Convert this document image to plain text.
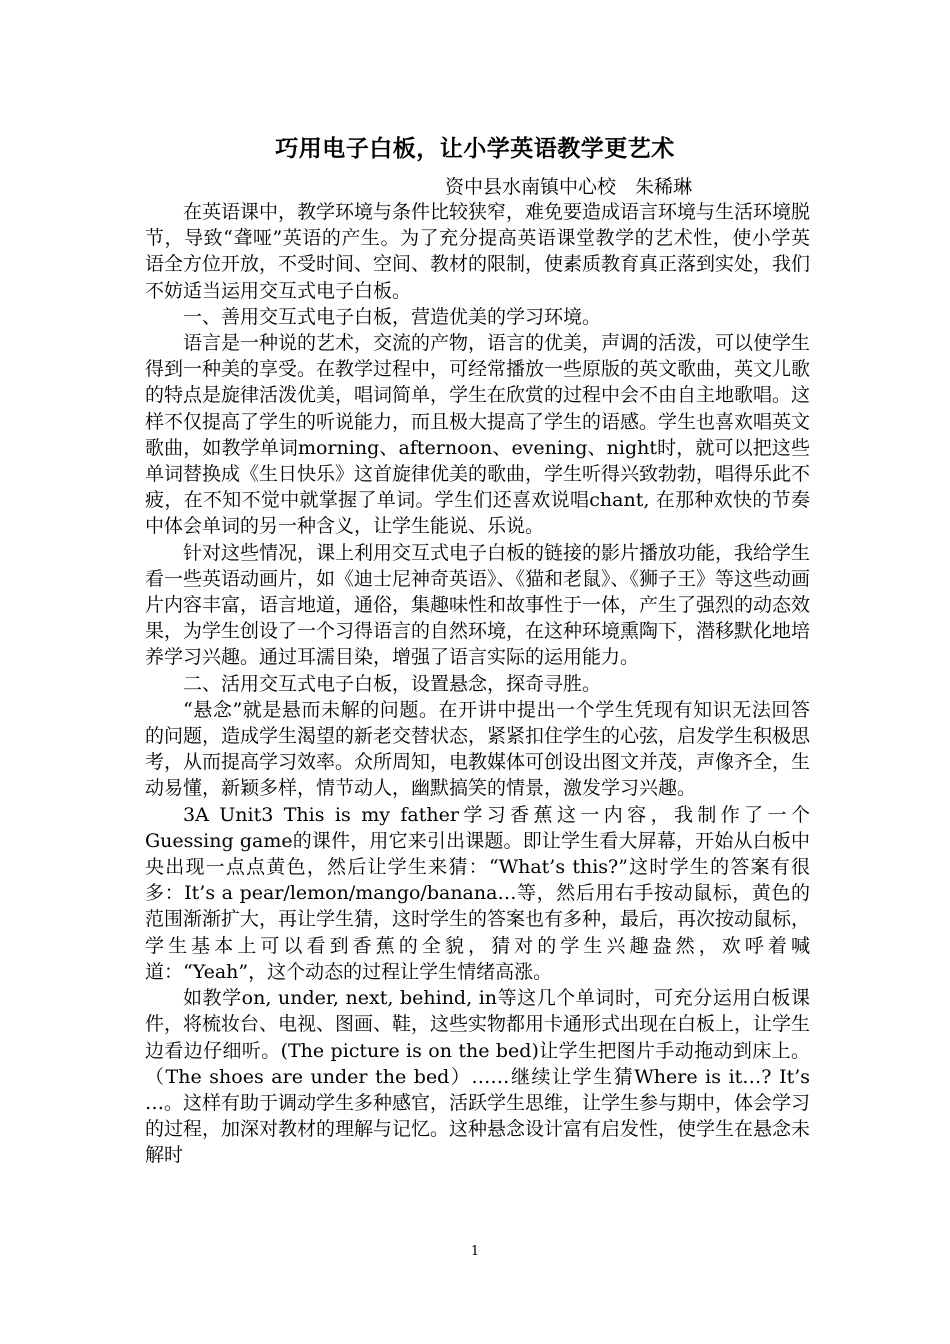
巧用电子白板，让小学英语教学更艺术
资中县水南镇中心校　朱稀琳

在英语课中，教学环境与条件比较狭窄，难免要造成语言环境与生活环境脱节，导致“聋哑”英语的产生。为了充分提高英语课堂教学的艺术性，使小学英语全方位开放，不受时间、空间、教材的限制，使素质教育真正落到实处，我们不妨适当运用交互式电子白板。

一、善用交互式电子白板，营造优美的学习环境。

语言是一种说的艺术，交流的产物，语言的优美，声调的活泼，可以使学生得到一种美的享受。在教学过程中，可经常播放一些原版的英文歌曲，英文儿歌的特点是旋律活泼优美，唱词简单，学生在欣赏的过程中会不由自主地歌唱。这样不仅提高了学生的听说能力，而且极大提高了学生的语感。学生也喜欢唱英文歌曲，如教学单词morning、afternoon、evening、night时，就可以把这些单词替换成《生日快乐》这首旋律优美的歌曲，学生听得兴致勃勃，唱得乐此不疲，在不知不觉中就掌握了单词。学生们还喜欢说唱chant, 在那种欢快的节奏中体会单词的另一种含义，让学生能说、乐说。

针对这些情况，课上利用交互式电子白板的链接的影片播放功能，我给学生看一些英语动画片，如《迪士尼神奇英语》、《猫和老鼠》、《狮子王》等这些动画片内容丰富，语言地道，通俗，集趣味性和故事性于一体，产生了强烈的动态效果，为学生创设了一个习得语言的自然环境，在这种环境熏陶下，潜移默化地培养学习兴趣。通过耳濡目染，增强了语言实际的运用能力。

二、活用交互式电子白板，设置悬念，探奇寻胜。

“悬念”就是悬而未解的问题。在开讲中提出一个学生凭现有知识无法回答的问题，造成学生渴望的新老交替状态，紧紧扣住学生的心弦，启发学生积极思考，从而提高学习效率。众所周知，电教媒体可创设出图文并茂，声像齐全，生动易懂，新颖多样，情节动人，幽默搞笑的情景，激发学习兴趣。

3A Unit3 This is my father学习香蕉这一内容，我制作了一个Guessing game的课件，用它来引出课题。即让学生看大屏幕，开始从白板中央出现一点点黄色，然后让学生来猜：“What’s this?”这时学生的答案有很多：It’s a pear/lemon/mango/banana…等，然后用右手按动鼠标，黄色的范围渐渐扩大，再让学生猜，这时学生的答案也有多种，最后，再次按动鼠标，学生基本上可以看到香蕉的全貌，猜对的学生兴趣盎然，欢呼着喊道：“Yeah”，这个动态的过程让学生情绪高涨。

如教学on, under, next, behind, in等这几个单词时，可充分运用白板课件，将梳妆台、电视、图画、鞋，这些实物都用卡通形式出现在白板上，让学生边看边仔细听。(The picture is on the bed)让学生把图片手动拖动到床上。（The shoes are under the bed）……继续让学生猜Where is it…? It’s …。这样有助于调动学生多种感官，活跃学生思维，让学生参与期中，体会学习的过程，加深对教材的理解与记忆。这种悬念设计富有启发性，使学生在悬念未解时

1
